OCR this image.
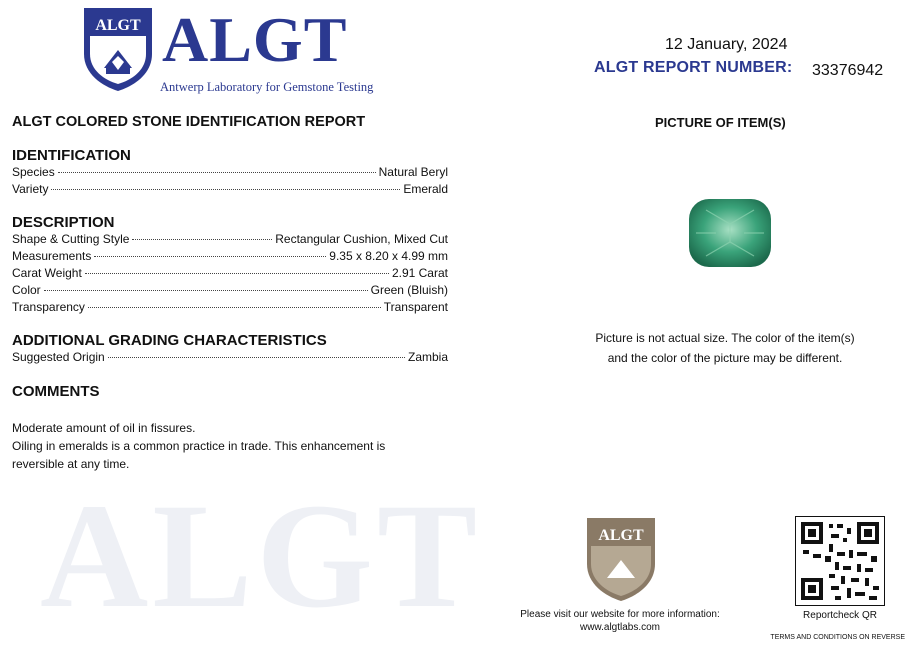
ALGT
ALGT ALGT
Antwerp Laboratory for Gemstone Testing
12 January, 2024
ALGT REPORT NUMBER: 33376942
ALGT COLORED STONE IDENTIFICATION REPORT	PICTURE OF ITEM(S)
IDENTIFICATION
Species	Natural Beryl
Variety	Emerald
DESCRIPTION
Shape & Cutting Style	Rectangular Cushion, Mixed Cut
Measurements	9.35 x 8.20 x 4.99 mm
Carat Weight	2.91 Carat
Color	Green (Bluish)
Transparency	Transparent
ADDITIONAL GRADING CHARACTERISTICS
Suggested Origin	Zambia
COMMENTS
Moderate amount of oil in fissures.
Oiling in emeralds is a common practice in trade. This enhancement is
reversible at any time.
Picture is not actual size. The color of the item(s)
and the color of the picture may be different.
ALGT
Please visit our website for more information:
www.algtlabs.com
Reportcheck QR
TERMS AND CONDITIONS ON REVERSE
